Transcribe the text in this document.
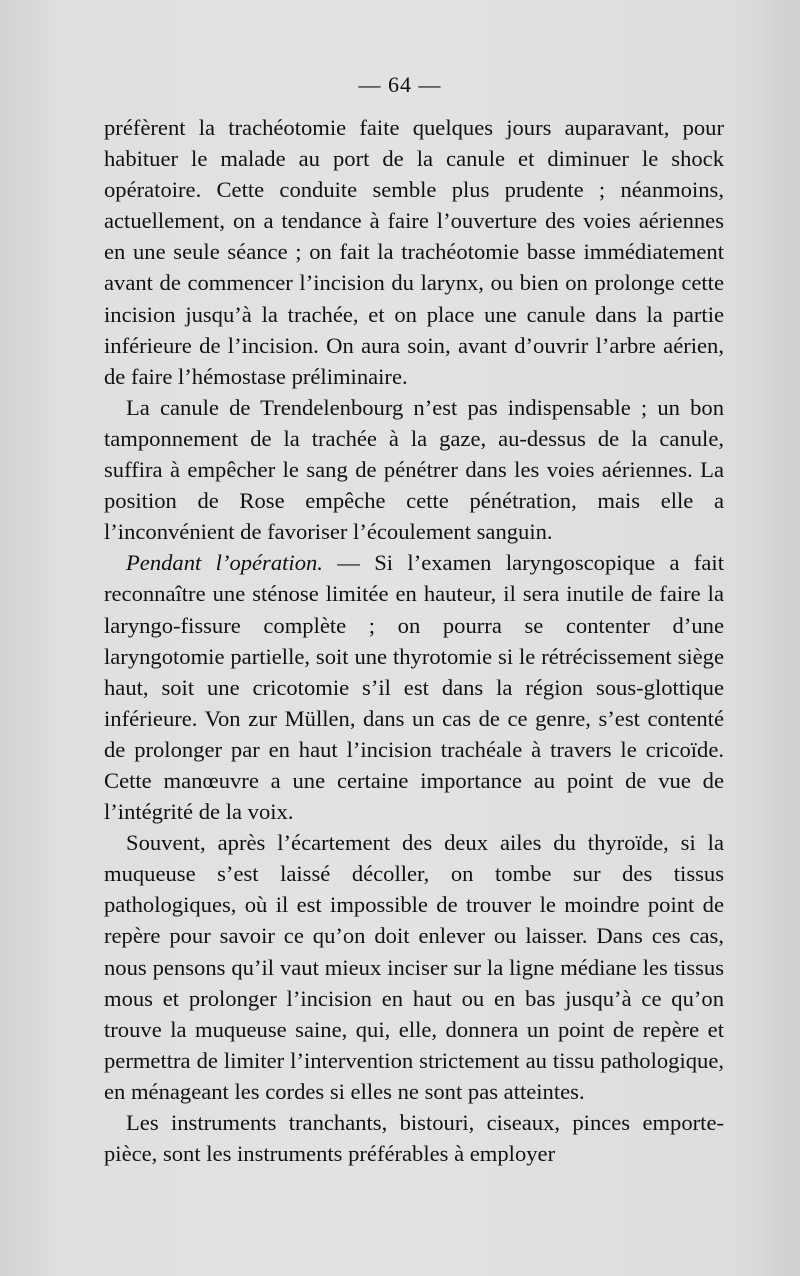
— 64 —

préfèrent la trachéotomie faite quelques jours auparavant, pour habituer le malade au port de la canule et diminuer le shock opératoire. Cette conduite semble plus prudente ; néanmoins, actuellement, on a tendance à faire l’ouverture des voies aériennes en une seule séance ; on fait la trachéotomie basse immédiatement avant de commencer l’incision du larynx, ou bien on prolonge cette incision jusqu’à la trachée, et on place une canule dans la partie inférieure de l’incision. On aura soin, avant d’ouvrir l’arbre aérien, de faire l’hémostase préliminaire.

La canule de Trendelenbourg n’est pas indispensable ; un bon tamponnement de la trachée à la gaze, au-dessus de la canule, suffira à empêcher le sang de pénétrer dans les voies aériennes. La position de Rose empêche cette pénétration, mais elle a l’inconvénient de favoriser l’écoulement sanguin.

Pendant l’opération. — Si l’examen laryngoscopique a fait reconnaître une sténose limitée en hauteur, il sera inutile de faire la laryngo-fissure complète ; on pourra se contenter d’une laryngotomie partielle, soit une thyrotomie si le rétrécissement siège haut, soit une cricotomie s’il est dans la région sous-glottique inférieure. Von zur Müllen, dans un cas de ce genre, s’est contenté de prolonger par en haut l’incision trachéale à travers le cricoïde. Cette manœuvre a une certaine importance au point de vue de l’intégrité de la voix.

Souvent, après l’écartement des deux ailes du thyroïde, si la muqueuse s’est laissé décoller, on tombe sur des tissus pathologiques, où il est impossible de trouver le moindre point de repère pour savoir ce qu’on doit enlever ou laisser. Dans ces cas, nous pensons qu’il vaut mieux inciser sur la ligne médiane les tissus mous et prolonger l’incision en haut ou en bas jusqu’à ce qu’on trouve la muqueuse saine, qui, elle, donnera un point de repère et permettra de limiter l’intervention strictement au tissu pathologique, en ménageant les cordes si elles ne sont pas atteintes.

Les instruments tranchants, bistouri, ciseaux, pinces emporte-pièce, sont les instruments préférables à employer
